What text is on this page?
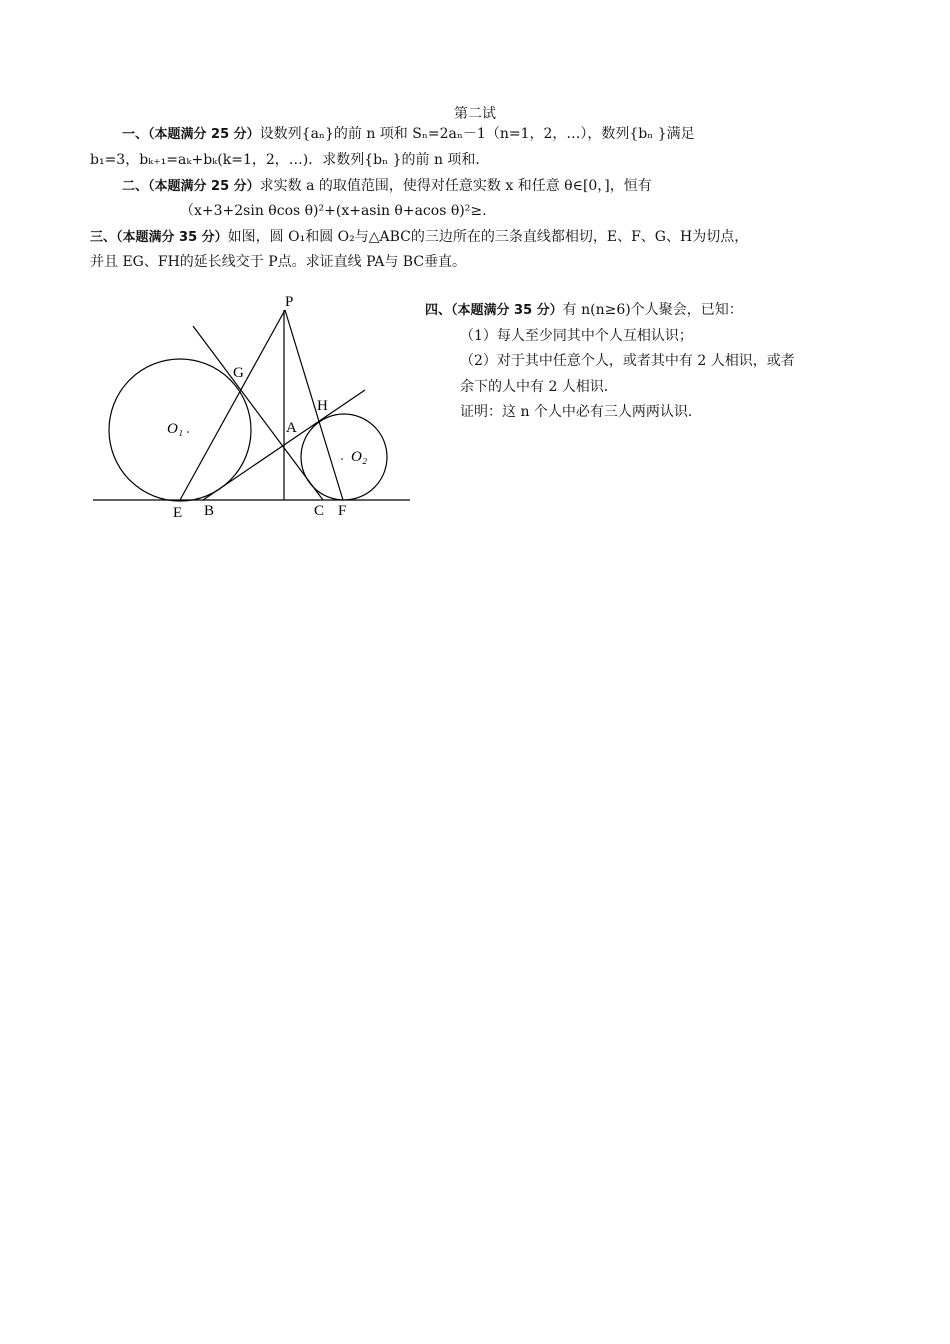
第二试
一、（本题满分 25 分）设数列{aₙ}的前 n 项和 Sₙ=2aₙ－1（n=1，2，…），数列{bₙ }满足
b₁=3，bₖ₊₁=aₖ+bₖ(k=1，2，…)．求数列{bₙ }的前 n 项和．
二、（本题满分 25 分）求实数 a 的取值范围，使得对任意实数 x 和任意 θ∈[0，]，恒有
（x+3+2sin θcos θ)²+(x+asin θ+acos θ)²≥.
三、（本题满分 35 分）如图，圆 O₁和圆 O₂与△ABC的三边所在的三条直线都相切，E、F、G、H为切点，
并且 EG、FH的延长线交于 P点。求证直线 PA与 BC垂直。
四、（本题满分 35 分）有 n(n≥6)个人聚会，已知：
（1）每人至少同其中个人互相认识；
（2）对于其中任意个人，或者其中有 2 人相识，或者
余下的人中有 2 人相识．
证明：这 n 个人中必有三人两两认识．
P
G
H
A
O₁
O₂
E B	C F
